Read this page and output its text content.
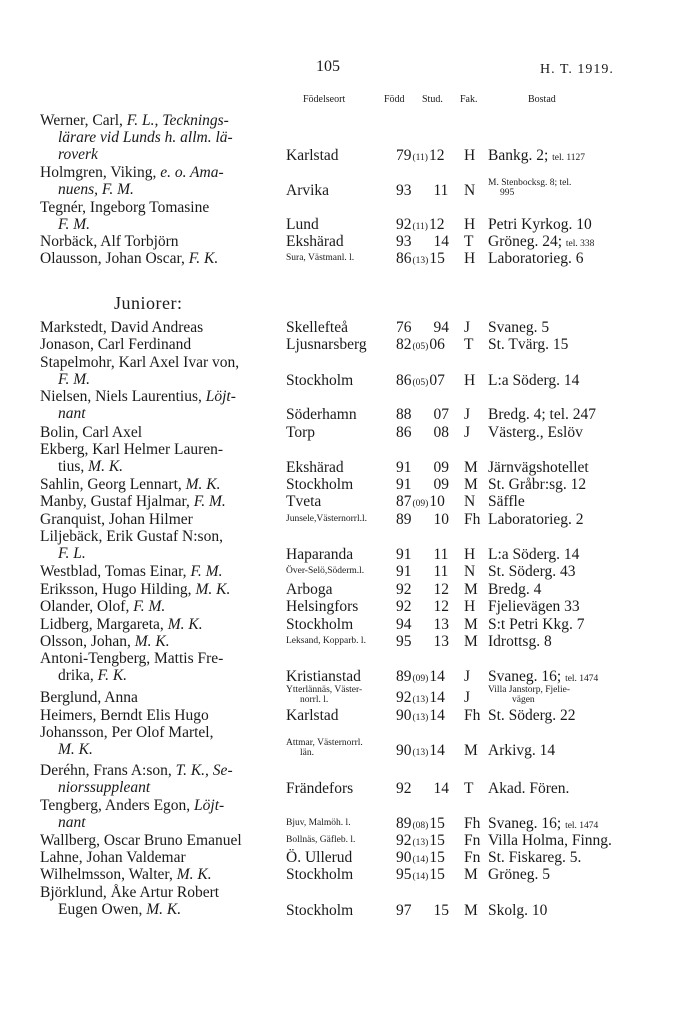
105	H. T. 1919.
Födelseort	Född Stud. Fak.	Bostad
Juniorer:
Werner, Carl, F. L., Tecknings-
lärare vid Lunds h. allm. lä-
roverk	Karlstad	79(11)12 H Bankg. 2; tel. 1127
Holmgren, Viking, e. o. Ama-
nuens, F. M.	Arvika	93 11 N M. Stenbocksg. 8; tel.
995
Tegnér, Ingeborg Tomasine
F. M.	Lund	92(11)12 H Petri Kyrkog. 10
Norbäck, Alf Torbjörn	Ekshärad	93 14 T Gröneg. 24; tel. 338
Olausson, Johan Oscar, F. K.	Sura, Västmanl. l.	86(13)15 H Laboratorieg. 6
Markstedt, David Andreas	Skellefteå	76 94 J Svaneg. 5
Jonason, Carl Ferdinand	Ljusnarsberg 82(05)06 T St. Tvärg. 15
Stapelmohr, Karl Axel Ivar von,
F. M.	Stockholm	86(05)07 H L:a Söderg. 14
Nielsen, Niels Laurentius, Löjt-
nant	Söderhamn	88 07 J Bredg. 4; tel. 247
Bolin, Carl Axel	Torp	86 08 J Västerg., Eslöv
Ekberg, Karl Helmer Lauren-
tius, M. K.	Ekshärad	91 09 M Järnvägshotellet
Sahlin, Georg Lennart, M. K.	Stockholm	91 09 M St. Gråbr:sg. 12
Manby, Gustaf Hjalmar, F. M.	Tveta	87(09)10 N Säffle
Granquist, Johan Hilmer	Junsele,Västernorrl.l. 89 10 Fh Laboratorieg. 2
Liljebäck, Erik Gustaf N:son,
F. L.	Haparanda	91 11 H L:a Söderg. 14
Westblad, Tomas Einar, F. M.	Över-Selö,Söderm.l. 91 11 N St. Söderg. 43
Eriksson, Hugo Hilding, M. K.	Arboga	92 12 M Bredg. 4
Olander, Olof, F. M.	Helsingfors 92 12 H Fjelievägen 33
Lidberg, Margareta, M. K.	Stockholm	94 13 M S:t Petri Kkg. 7
Olsson, Johan, M. K.	Leksand, Kopparb. l. 95 13 M Idrottsg. 8
Antoni-Tengberg, Mattis Fre-
drika, F. K.	Kristianstad 89(09)14 J Svaneg. 16; tel. 1474
Berglund, Anna	Ytterlännäs, Väster-
norrl. l.	92(13)14 J Villa Janstorp, Fjelie-
vägen
Heimers, Berndt Elis Hugo	Karlstad	90(13)14 Fh St. Söderg. 22
Johansson, Per Olof Martel,
M. K.	Attmar, Västernorrl.
län.	90(13)14 M Arkivg. 14
Deréhn, Frans A:son, T. K., Se-
niorssuppleant	Frändefors	92 14 T Akad. Fören.
Tengberg, Anders Egon, Löjt-
nant	Bjuv, Malmöh. l.	89(08)15 Fh Svaneg. 16; tel. 1474
Wallberg, Oscar Bruno Emanuel	Bollnäs, Gäfleb. l.	92(13)15 Fn Villa Holma, Finng.
Lahne, Johan Valdemar	Ö. Ullerud	90(14)15 Fn St. Fiskareg. 5.
Wilhelmsson, Walter, M. K.	Stockholm	95(14)15 M Gröneg. 5
Björklund, Åke Artur Robert
Eugen Owen, M. K.	Stockholm	97 15 M Skolg. 10
